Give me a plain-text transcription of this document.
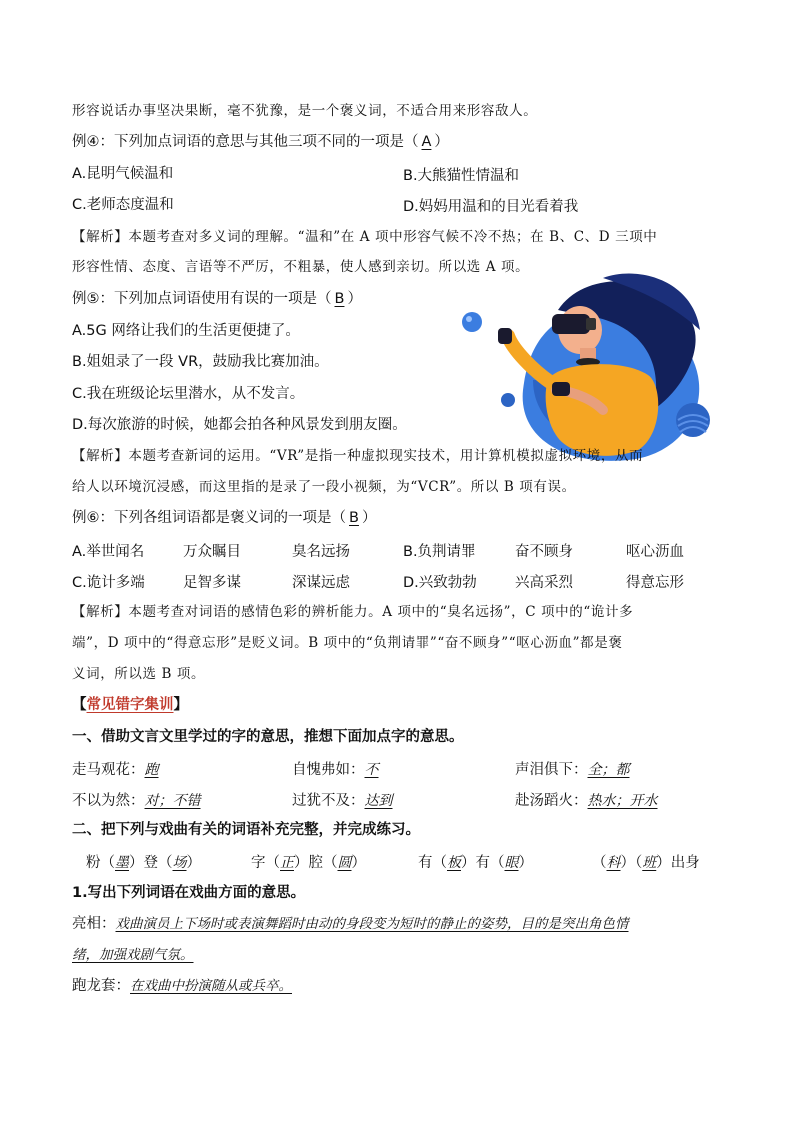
形容说话办事坚决果断，毫不犹豫，是一个褒义词，不适合用来形容敌人。
例④：下列加点词语的意思与其他三项不同的一项是（ A ）
A.昆明气候温和	B.大熊猫性情温和
C.老师态度温和	D.妈妈用温和的目光看着我
【解析】本题考查对多义词的理解。“温和”在 A 项中形容气候不冷不热；在 B、C、D 三项中
形容性情、态度、言语等不严厉，不粗暴，使人感到亲切。所以选 A 项。
例⑤：下列加点词语使用有误的一项是（ B ）
A.5G 网络让我们的生活更便捷了。
B.姐姐录了一段 VR，鼓励我比赛加油。
C.我在班级论坛里潜水，从不发言。
D.每次旅游的时候，她都会拍各种风景发到朋友圈。
【解析】本题考查新词的运用。“VR”是指一种虚拟现实技术，用计算机模拟虚拟环境，从而
给人以环境沉浸感，而这里指的是录了一段小视频，为“VCR”。所以 B 项有误。
例⑥：下列各组词语都是褒义词的一项是（ B ）
A.举世闻名	万众瞩目	臭名远扬	B.负荆请罪	奋不顾身	呕心沥血
C.诡计多端	足智多谋	深谋远虑	D.兴致勃勃	兴高采烈	得意忘形
【解析】本题考查对词语的感情色彩的辨析能力。A 项中的“臭名远扬”，C 项中的“诡计多
端”，D 项中的“得意忘形”是贬义词。B 项中的“负荆请罪”“奋不顾身”“呕心沥血”都是褒
义词，所以选 B 项。
【常见错字集训】
一、借助文言文里学过的字的意思，推想下面加点字的意思。
走马观花：跑	自愧弗如：不	声泪俱下：全；都
不以为然：对；不错	过犹不及：达到	赴汤蹈火：热水；开水
二、把下列与戏曲有关的词语补充完整，并完成练习。
粉（墨）登（场）	字（正）腔（圆）	有（板）有（眼）	（科）（班）出身
1.写出下列词语在戏曲方面的意思。
亮相：戏曲演员上下场时或表演舞蹈时由动的身段变为短时的静止的姿势，目的是突出角色情
绪，加强戏剧气氛。
跑龙套：在戏曲中扮演随从或兵卒。
